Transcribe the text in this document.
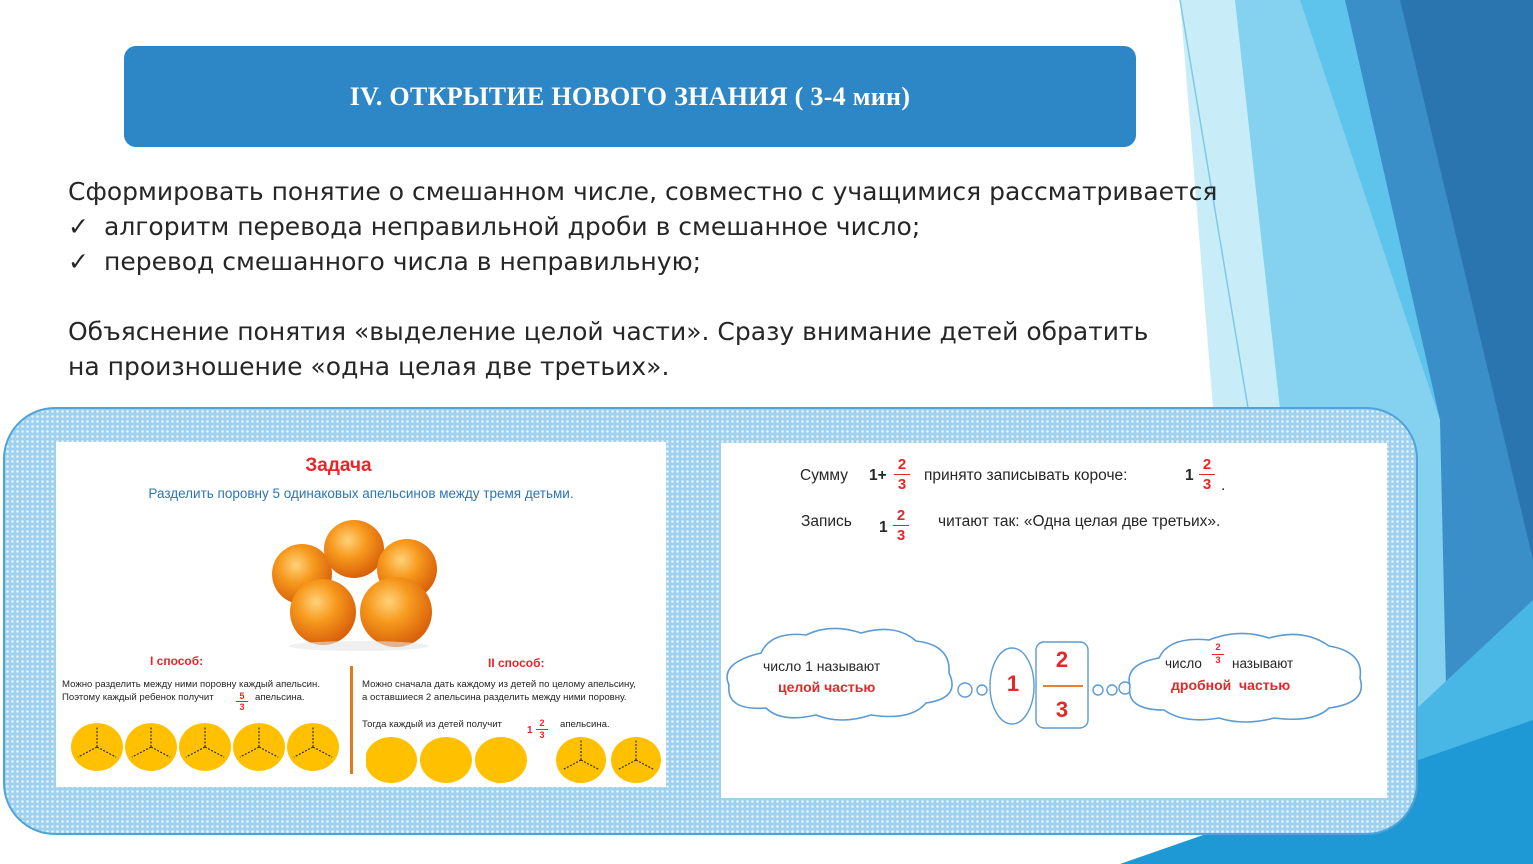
IV. ОТКРЫТИЕ НОВОГО ЗНАНИЯ ( 3-4 мин)

Сформировать понятие о смешанном числе, совместно с учащимися рассматривается

✓ алгоритм перевода неправильной дроби в смешанное число;
✓ перевод смешанного числа в неправильную;

Объяснение понятия «выделение целой части». Сразу внимание детей обратить

на произношение «одна целая две третьих».

Задача
Разделить поровну 5 одинаковых апельсинов между тремя детьми.
I способ:
Можно разделить между ними поровну каждый апельсин.
Поэтому каждый ребенок получит $\frac{5}{3}$ апельсина.
II способ:
Можно сначала дать каждому из детей по целому апельсину,
а оставшиеся 2 апельсина разделить между ними поровну.
Тогда каждый из детей получит
$1 \frac{2}{3}$ апельсина.
Сумму $1+ \frac{2}{3}$ принято записывать короче:	$1 \frac{2}{3}$ .
Запись $1 \frac{2}{3}$ читают так: «Одна целая две третьих».
число 1 называют
целой частью	1
2
3
число $\frac{2}{3}$ называют
дробной  частью
